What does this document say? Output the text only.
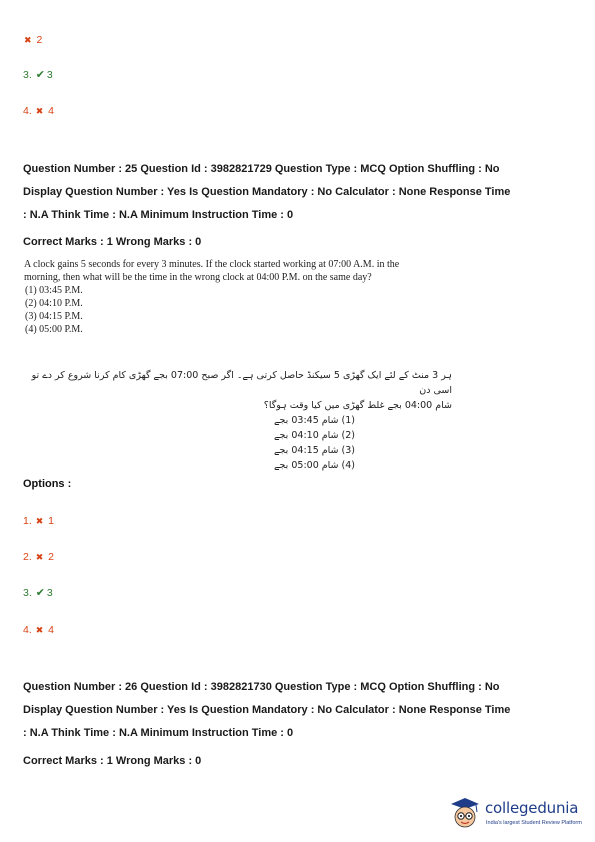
✖ 2
3. ✔ 3
4. ✖ 4
Question Number : 25 Question Id : 3982821729 Question Type : MCQ Option Shuffling : No
Display Question Number : Yes Is Question Mandatory : No Calculator : None Response Time
: N.A Think Time : N.A Minimum Instruction Time : 0
Correct Marks : 1 Wrong Marks : 0
A clock gains 5 seconds for every 3 minutes. If the clock started working at 07:00 A.M. in the
morning, then what will be the time in the wrong clock at 04:00 P.M. on the same day?
(1) 03:45 P.M.
(2) 04:10 P.M.
(3) 04:15 P.M.
(4) 05:00 P.M.
ہر 3 منٹ کے لئے ایک گھڑی 5 سیکنڈ حاصل کرتی ہے۔ اگر صبح 07:00 بجے گھڑی کام کرنا شروع کر دے تو اسی دن
شام 04:00 بجے غلط گھڑی میں کیا وقت ہوگا؟
(1) شام 03:45 بجے
(2) شام 04:10 بجے
(3) شام 04:15 بجے
(4) شام 05:00 بجے
Options :
1. ✖ 1
2. ✖ 2
3. ✔ 3
4. ✖ 4
Question Number : 26 Question Id : 3982821730 Question Type : MCQ Option Shuffling : No
Display Question Number : Yes Is Question Mandatory : No Calculator : None Response Time
: N.A Think Time : N.A Minimum Instruction Time : 0
Correct Marks : 1 Wrong Marks : 0
collegedunia
India's largest Student Review Platform
